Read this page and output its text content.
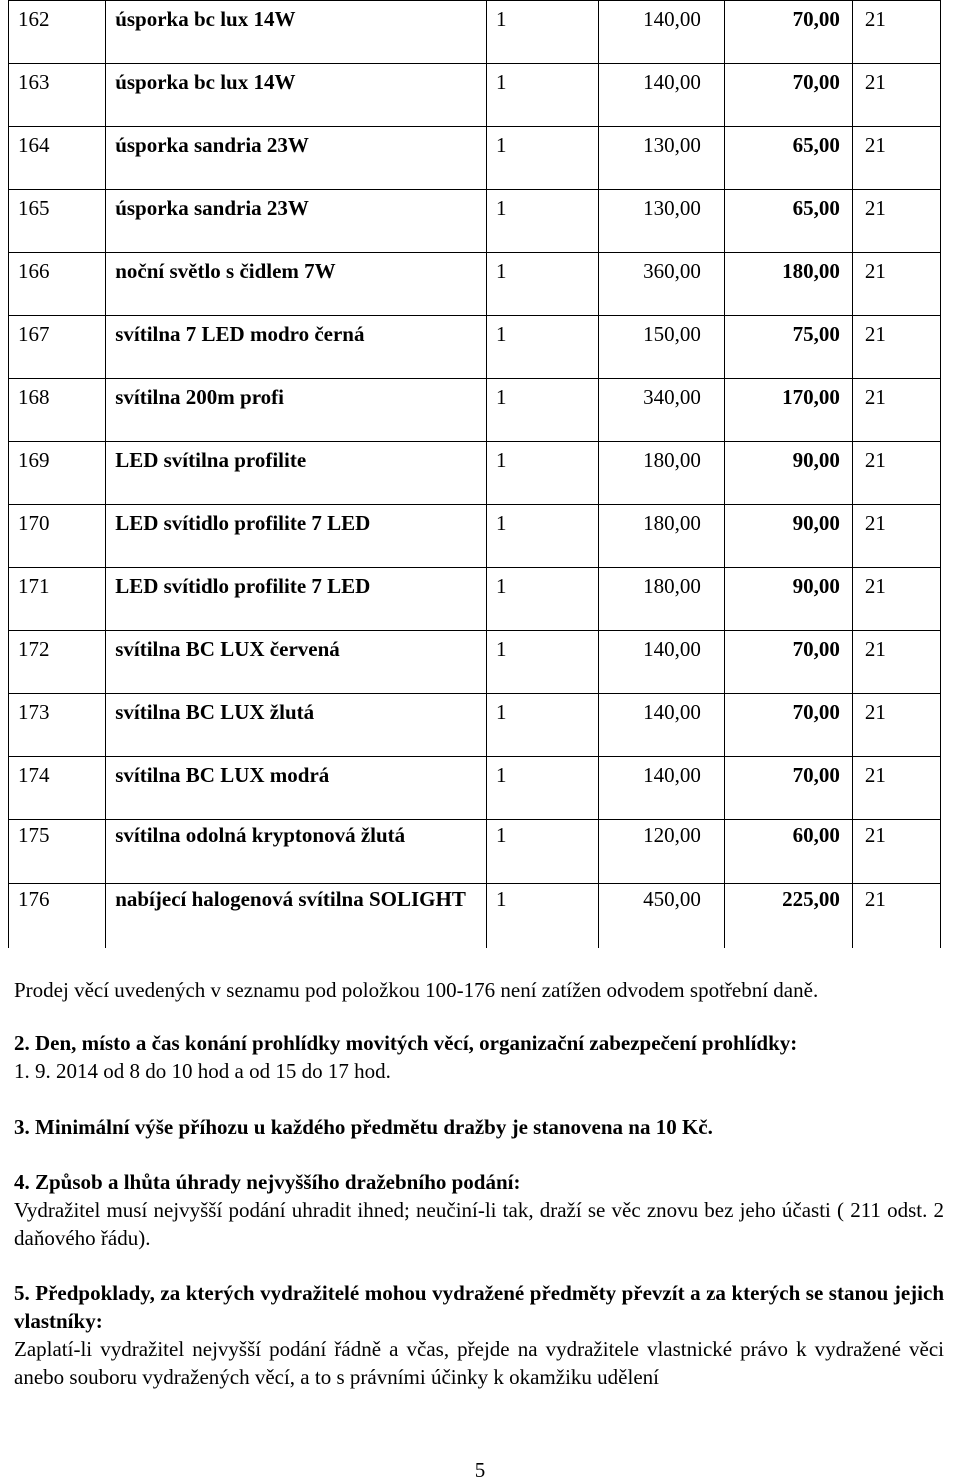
162	úsporka bc lux 14W	1	140,00	70,00	21
163	úsporka bc lux 14W	1	140,00	70,00	21
164	úsporka sandria 23W	1	130,00	65,00	21
165	úsporka sandria 23W	1	130,00	65,00	21
166	noční světlo s čidlem 7W	1	360,00	180,00	21
167	svítilna 7 LED modro černá	1	150,00	75,00	21
168	svítilna 200m profi	1	340,00	170,00	21
169	LED svítilna profilite	1	180,00	90,00	21
170	LED svítidlo profilite 7 LED	1	180,00	90,00	21
171	LED svítidlo profilite 7 LED	1	180,00	90,00	21
172	svítilna BC LUX červená	1	140,00	70,00	21
173	svítilna BC LUX žlutá	1	140,00	70,00	21
174	svítilna BC LUX modrá	1	140,00	70,00	21
175	svítilna odolná kryptonová žlutá	1	120,00	60,00	21
176	nabíjecí halogenová svítilna SOLIGHT	1	450,00	225,00	21
Prodej věcí uvedených v seznamu pod položkou 100-176 není zatížen odvodem spotřební daně.
2. Den, místo a čas konání prohlídky movitých věcí, organizační zabezpečení prohlídky:
1. 9. 2014 od 8 do 10 hod a od 15 do 17 hod.
3. Minimální výše příhozu u každého předmětu dražby je stanovena na 10 Kč.
4. Způsob a lhůta úhrady nejvyššího dražebního podání:
Vydražitel musí nejvyšší podání uhradit ihned; neučiní-li tak, draží se věc znovu bez jeho účasti ( 211 odst. 2 daňového řádu).
5. Předpoklady, za kterých vydražitelé mohou vydražené předměty převzít a za kterých se stanou jejich vlastníky:
Zaplatí-li vydražitel nejvyšší podání řádně a včas, přejde na vydražitele vlastnické právo k vydražené věci anebo souboru vydražených věcí, a to s právními účinky k okamžiku udělení
5
